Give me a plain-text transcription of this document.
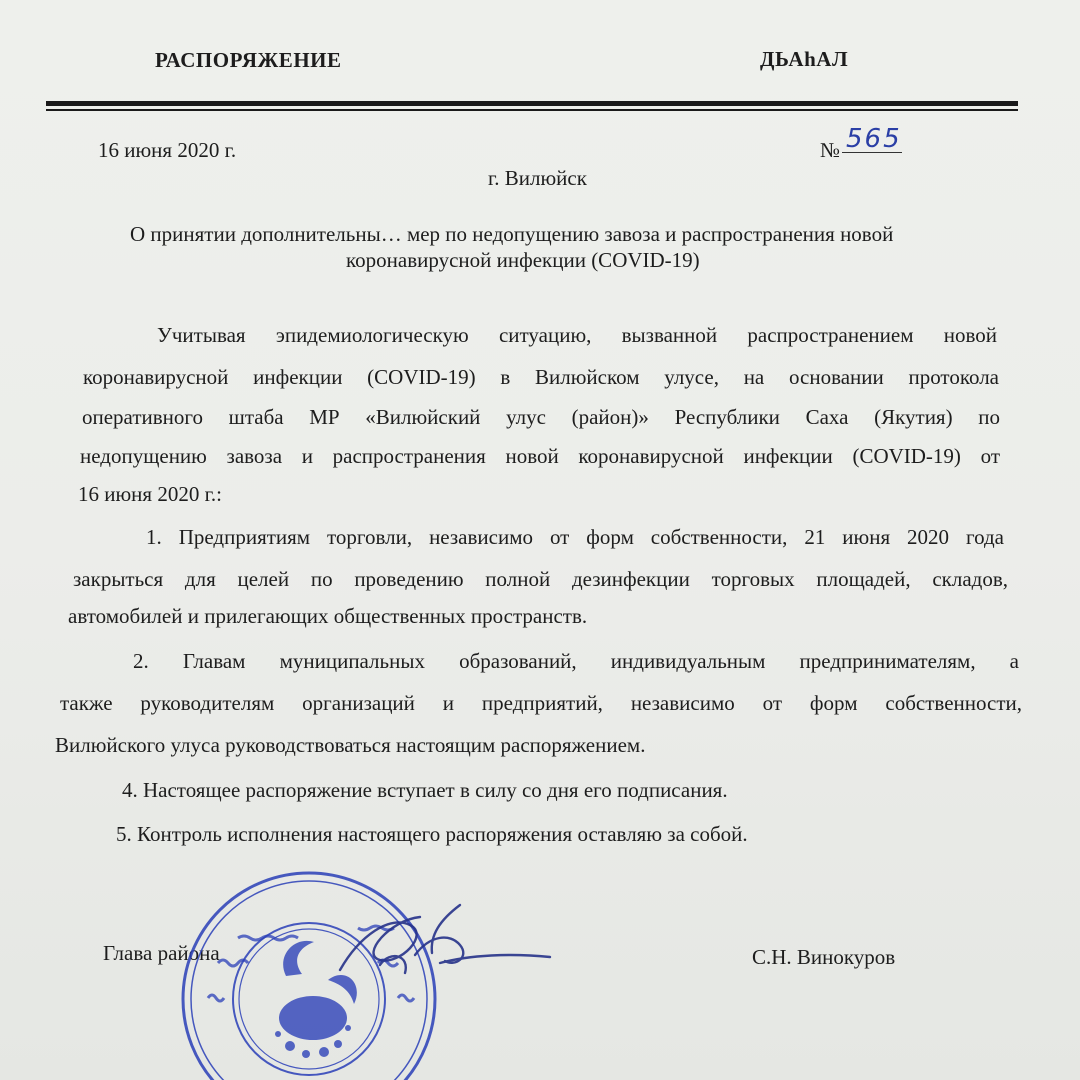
РАСПОРЯЖЕНИЕ	ДЬАhАЛ
16 июня 2020 г.	№ 565
г. Вилюйск
О принятии дополнительны… мер по недопущению завоза и распространения новой
коронавирусной инфекции (COVID-19)
Учитывая эпидемиологическую ситуацию, вызванной распространением новой
коронавирусной инфекции (COVID-19) в Вилюйском улусе, на основании протокола
оперативного штаба МР «Вилюйский улус (район)» Республики Саха (Якутия) по
недопущению завоза и распространения новой коронавирусной инфекции (COVID-19) от
16 июня 2020 г.:
1. Предприятиям торговли, независимо от форм собственности, 21 июня 2020 года
закрыться для целей по проведению полной дезинфекции торговых площадей, складов,
автомобилей и прилегающих общественных пространств.
2. Главам муниципальных образований, индивидуальным предпринимателям, а
также руководителям организаций и предприятий, независимо от форм собственности,
Вилюйского улуса руководствоваться настоящим распоряжением.
4. Настоящее распоряжение вступает в силу со дня его подписания.
5. Контроль исполнения настоящего распоряжения оставляю за собой.
Глава района	С.Н. Винокуров
